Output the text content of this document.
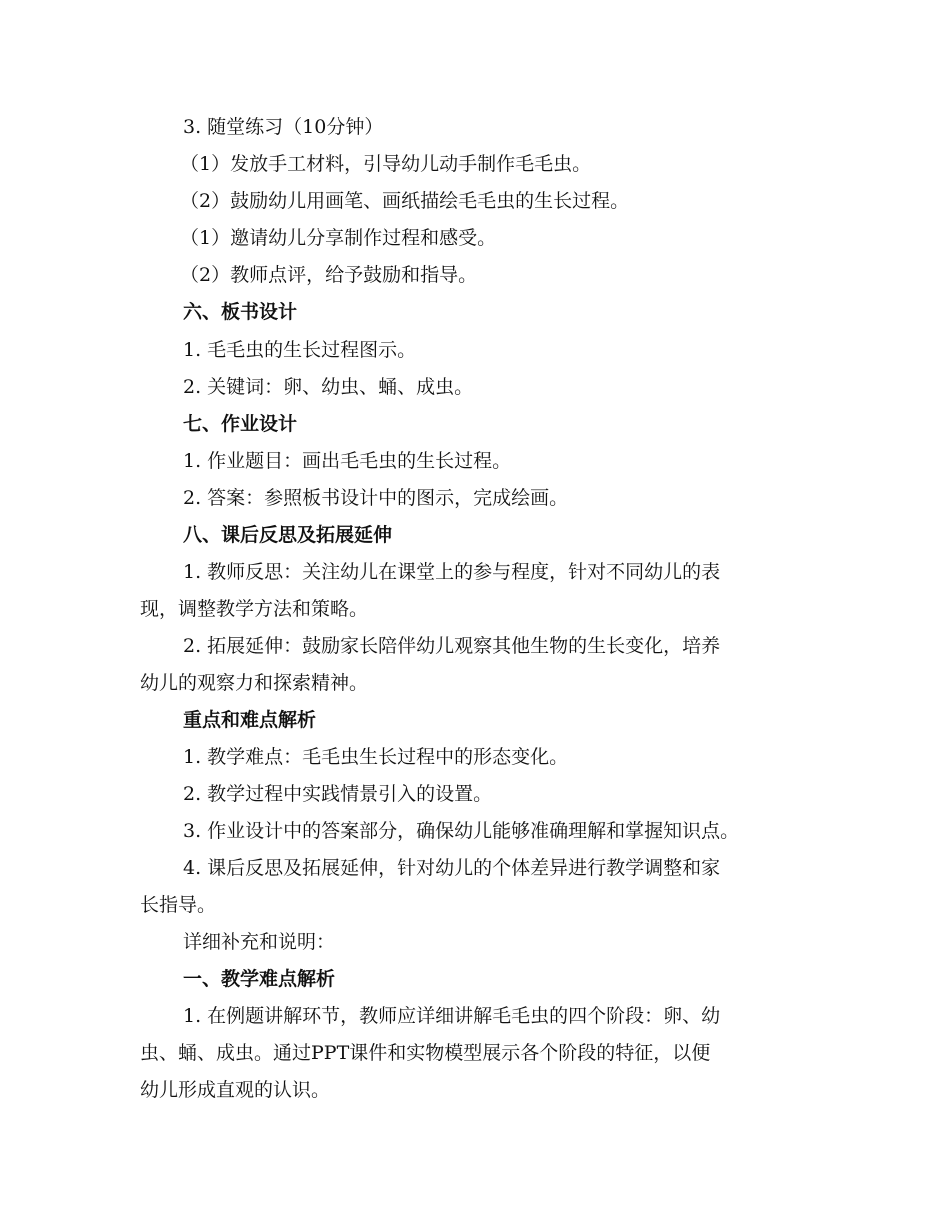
3. 随堂练习（10分钟）
（1）发放手工材料，引导幼儿动手制作毛毛虫。
（2）鼓励幼儿用画笔、画纸描绘毛毛虫的生长过程。
（1）邀请幼儿分享制作过程和感受。
（2）教师点评，给予鼓励和指导。
六、板书设计
1. 毛毛虫的生长过程图示。
2. 关键词：卵、幼虫、蛹、成虫。
七、作业设计
1. 作业题目：画出毛毛虫的生长过程。
2. 答案：参照板书设计中的图示，完成绘画。
八、课后反思及拓展延伸
1. 教师反思：关注幼儿在课堂上的参与程度，针对不同幼儿的表
现，调整教学方法和策略。
2. 拓展延伸：鼓励家长陪伴幼儿观察其他生物的生长变化，培养
幼儿的观察力和探索精神。
重点和难点解析
1. 教学难点：毛毛虫生长过程中的形态变化。
2. 教学过程中实践情景引入的设置。
3. 作业设计中的答案部分，确保幼儿能够准确理解和掌握知识点。
4. 课后反思及拓展延伸，针对幼儿的个体差异进行教学调整和家
长指导。
详细补充和说明：
一、教学难点解析
1. 在例题讲解环节，教师应详细讲解毛毛虫的四个阶段：卵、幼
虫、蛹、成虫。通过PPT课件和实物模型展示各个阶段的特征，以便
幼儿形成直观的认识。
